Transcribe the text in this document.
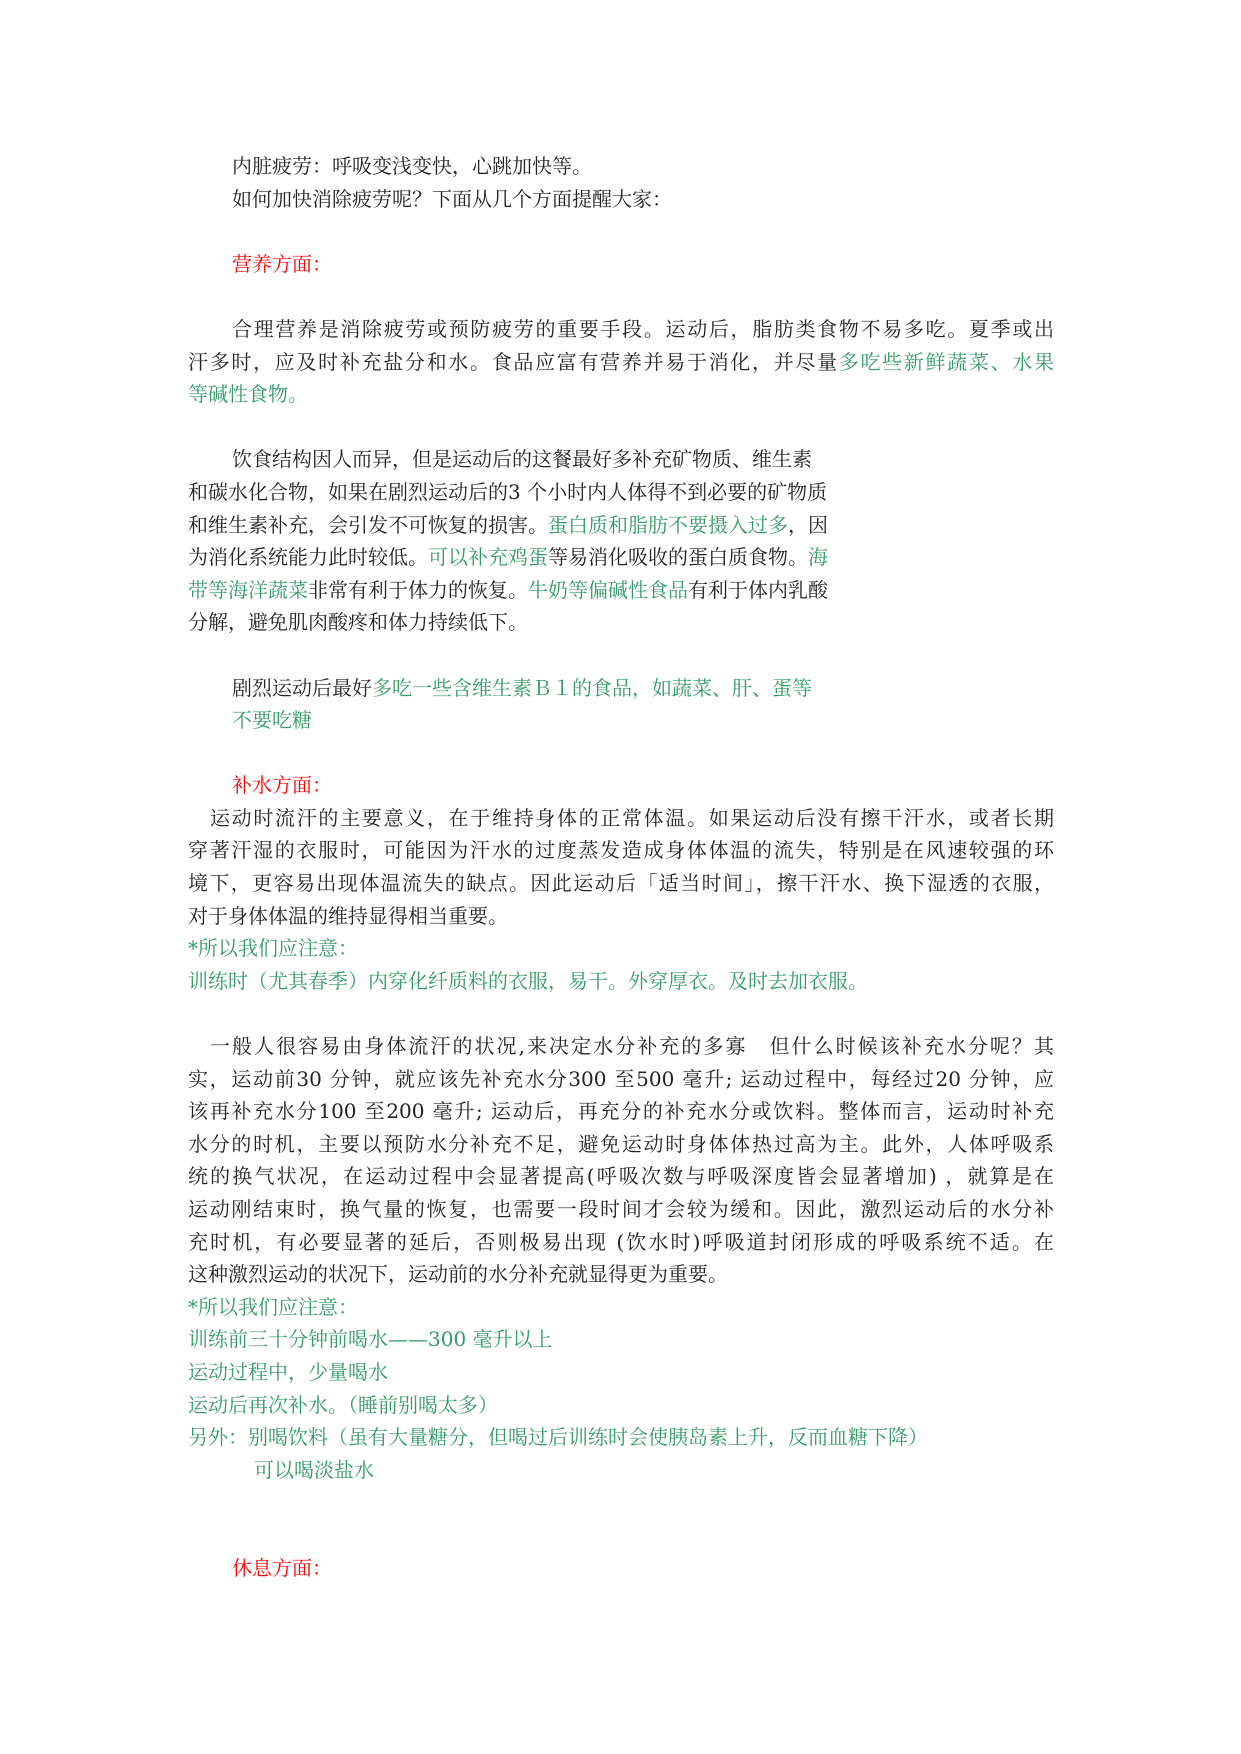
内脏疲劳：呼吸变浅变快，心跳加快等。
如何加快消除疲劳呢？下面从几个方面提醒大家：
营养方面：
合理营养是消除疲劳或预防疲劳的重要手段。运动后，脂肪类食物不易多吃。夏季或出
汗多时，应及时补充盐分和水。食品应富有营养并易于消化，并尽量多吃些新鲜蔬菜、水果
等碱性食物。
饮食结构因人而异，但是运动后的这餐最好多补充矿物质、维生素
和碳水化合物，如果在剧烈运动后的3 个小时内人体得不到必要的矿物质
和维生素补充，会引发不可恢复的损害。蛋白质和脂肪不要摄入过多，因
为消化系统能力此时较低。可以补充鸡蛋等易消化吸收的蛋白质食物。海
带等海洋蔬菜非常有利于体力的恢复。牛奶等偏碱性食品有利于体内乳酸
分解，避免肌肉酸疼和体力持续低下。
剧烈运动后最好多吃一些含维生素Ｂ１的食品，如蔬菜、肝、蛋等
不要吃糖
补水方面：
运动时流汗的主要意义，在于维持身体的正常体温。如果运动后没有擦干汗水，或者长期
穿著汗湿的衣服时，可能因为汗水的过度蒸发造成身体体温的流失，特别是在风速较强的环
境下，更容易出现体温流失的缺点。因此运动后「适当时间」，擦干汗水、换下湿透的衣服，
对于身体体温的维持显得相当重要。
*所以我们应注意：
训练时（尤其春季）内穿化纤质料的衣服，易干。外穿厚衣。及时去加衣服。
一般人很容易由身体流汗的状况,来决定水分补充的多寡　但什么时候该补充水分呢？其
实，运动前30 分钟，就应该先补充水分300 至500 毫升; 运动过程中，每经过20 分钟，应
该再补充水分100 至200 毫升; 运动后，再充分的补充水分或饮料。整体而言，运动时补充
水分的时机，主要以预防水分补充不足，避免运动时身体体热过高为主。此外，人体呼吸系
统的换气状况，在运动过程中会显著提高(呼吸次数与呼吸深度皆会显著增加) ，就算是在
运动刚结束时，换气量的恢复，也需要一段时间才会较为缓和。因此，激烈运动后的水分补
充时机，有必要显著的延后，否则极易出现 (饮水时)呼吸道封闭形成的呼吸系统不适。在
这种激烈运动的状况下，运动前的水分补充就显得更为重要。
*所以我们应注意：
训练前三十分钟前喝水——300 毫升以上
运动过程中，少量喝水
运动后再次补水。（睡前别喝太多）
另外：别喝饮料（虽有大量糖分，但喝过后训练时会使胰岛素上升，反而血糖下降）
可以喝淡盐水
休息方面：
